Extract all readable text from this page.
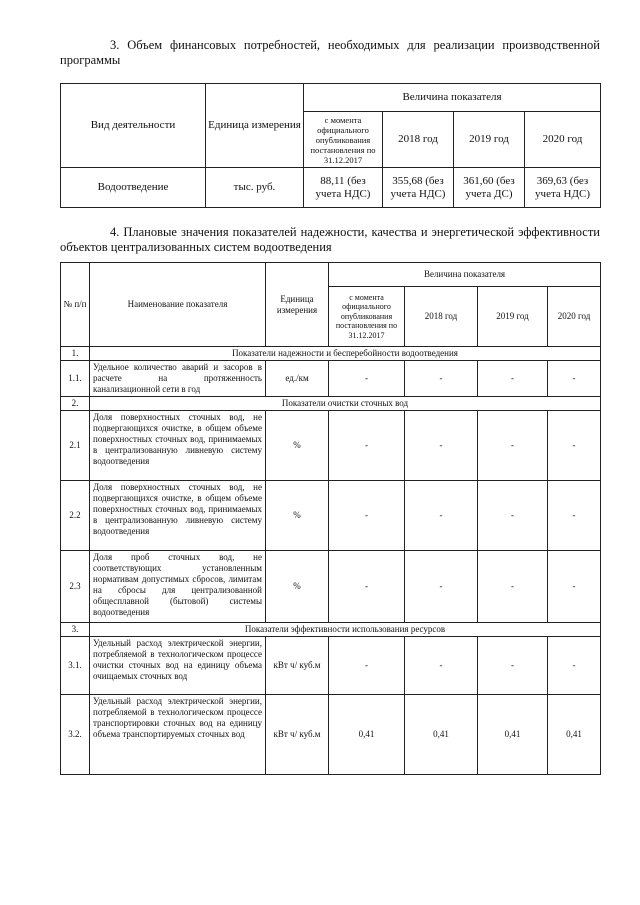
3. Объем финансовых потребностей, необходимых для реализации производственной программы
Вид деятельности	Единица измерения	Величина показателя			
		с момента официального опубликования постановления по 31.12.2017	2018 год	2019 год	2020 год
Водоотведение	тыс. руб.	88,11 (без учета НДС)	355,68 (без учета НДС)	361,60 (без учета ДС)	369,63 (без учета НДС)
4. Плановые значения показателей надежности, качества и энергетической эффективности объектов централизованных систем водоотведения
№ п/п	Наименование показателя	Единица измерения	Величина показателя			
			с момента официального опубликования постановления по 31.12.2017	2018 год	2019 год	2020 год
1.	Показатели надежности и бесперебойности водоотведения					
1.1.	Удельное количество аварий и засоров в расчете на протяженность канализационной сети в год	ед./км	-	-	-	-
2.	Показатели очистки сточных вод					
2.1	Доля поверхностных сточных вод, не подвергающихся очистке, в общем объеме поверхностных сточных вод, принимаемых в централизованную ливневую систему водоотведения	%	-	-	-	-
2.2	Доля поверхностных сточных вод, не подвергающихся очистке, в общем объеме поверхностных сточных вод, принимаемых в централизованную ливневую систему водоотведения	%	-	-	-	-
2.3	Доля проб сточных вод, не соответствующих установленным нормативам допустимых сбросов, лимитам на сбросы для централизованной общесплавной (бытовой) системы водоотведения	%	-	-	-	-
3.	Показатели эффективности использования ресурсов					
3.1.	Удельный расход электрической энергии, потребляемой в технологическом процессе очистки сточных вод на единицу объема очищаемых сточных вод	кВт ч/ куб.м	-	-	-	-
3.2.	Удельный расход электрической энергии, потребляемой в технологическом процессе транспортировки сточных вод на единицу объема транспортируемых сточных вод	кВт ч/ куб.м	0,41	0,41	0,41	0,41
